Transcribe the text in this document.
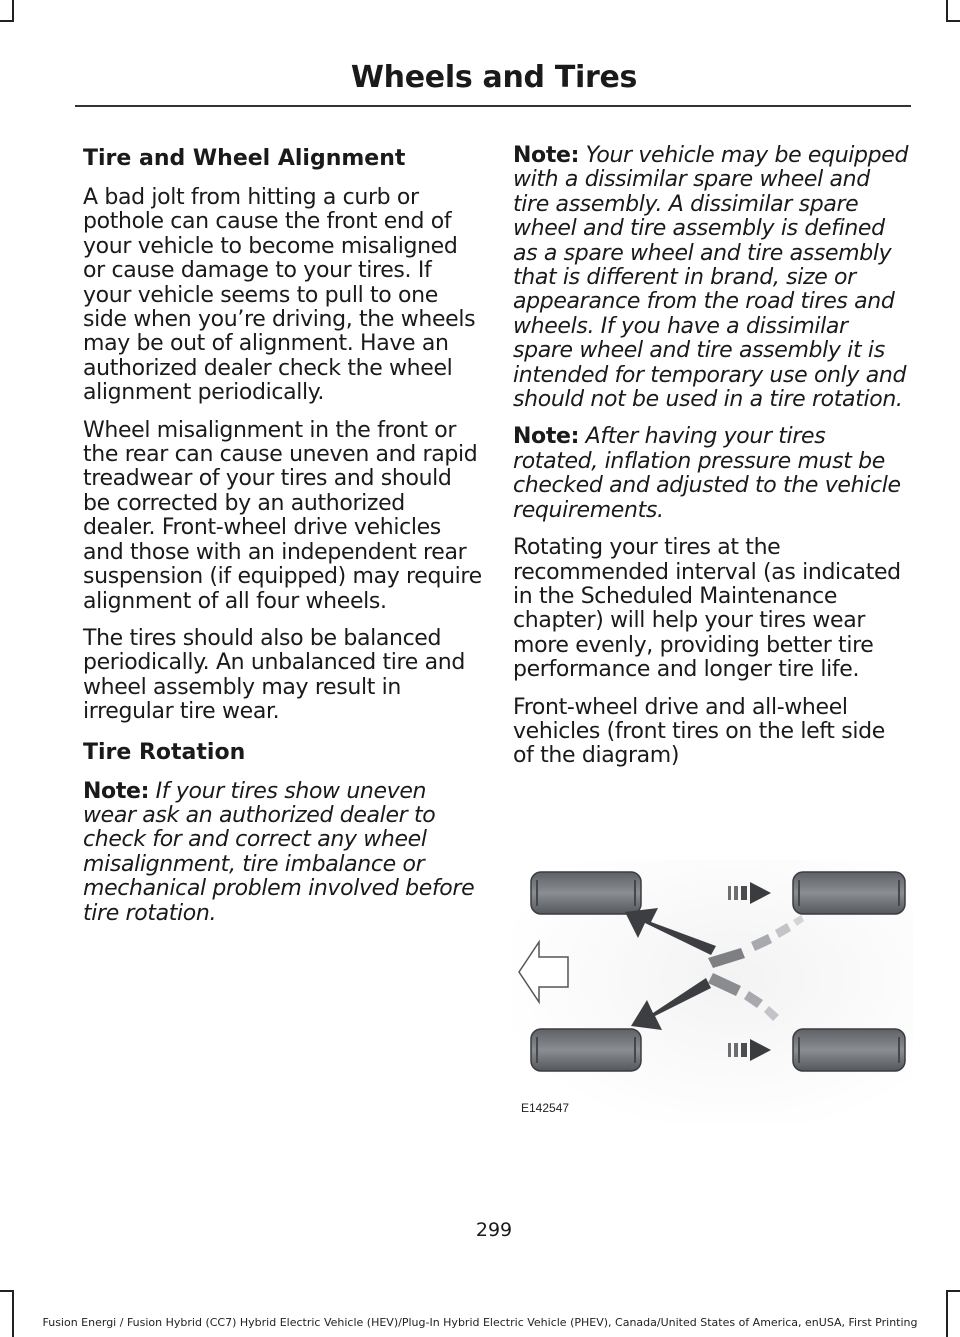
Wheels and Tires
Tire and Wheel Alignment

A bad jolt from hitting a curb or pothole can cause the front end of your vehicle to become misaligned or cause damage to your tires. If your vehicle seems to pull to one side when you’re driving, the wheels may be out of alignment. Have an authorized dealer check the wheel alignment periodically.

Wheel misalignment in the front or the rear can cause uneven and rapid treadwear of your tires and should be corrected by an authorized dealer. Front-wheel drive vehicles and those with an independent rear suspension (if equipped) may require alignment of all four wheels.

The tires should also be balanced periodically. An unbalanced tire and wheel assembly may result in irregular tire wear.

Tire Rotation

Note: If your tires show uneven wear ask an authorized dealer to check for and correct any wheel misalignment, tire imbalance or mechanical problem involved before tire rotation.

Note: Your vehicle may be equipped with a dissimilar spare wheel and tire assembly. A dissimilar spare wheel and tire assembly is defined as a spare wheel and tire assembly that is different in brand, size or appearance from the road tires and wheels. If you have a dissimilar spare wheel and tire assembly it is intended for temporary use only and should not be used in a tire rotation.

Note: After having your tires rotated, inflation pressure must be checked and adjusted to the vehicle requirements.

Rotating your tires at the recommended interval (as indicated in the Scheduled Maintenance chapter) will help your tires wear more evenly, providing better tire performance and longer tire life.

Front-wheel drive and all-wheel vehicles (front tires on the left side of the diagram)

E142547
299
Fusion Energi / Fusion Hybrid (CC7) Hybrid Electric Vehicle (HEV)/Plug-In Hybrid Electric Vehicle (PHEV), Canada/United States of America, enUSA, First Printing
